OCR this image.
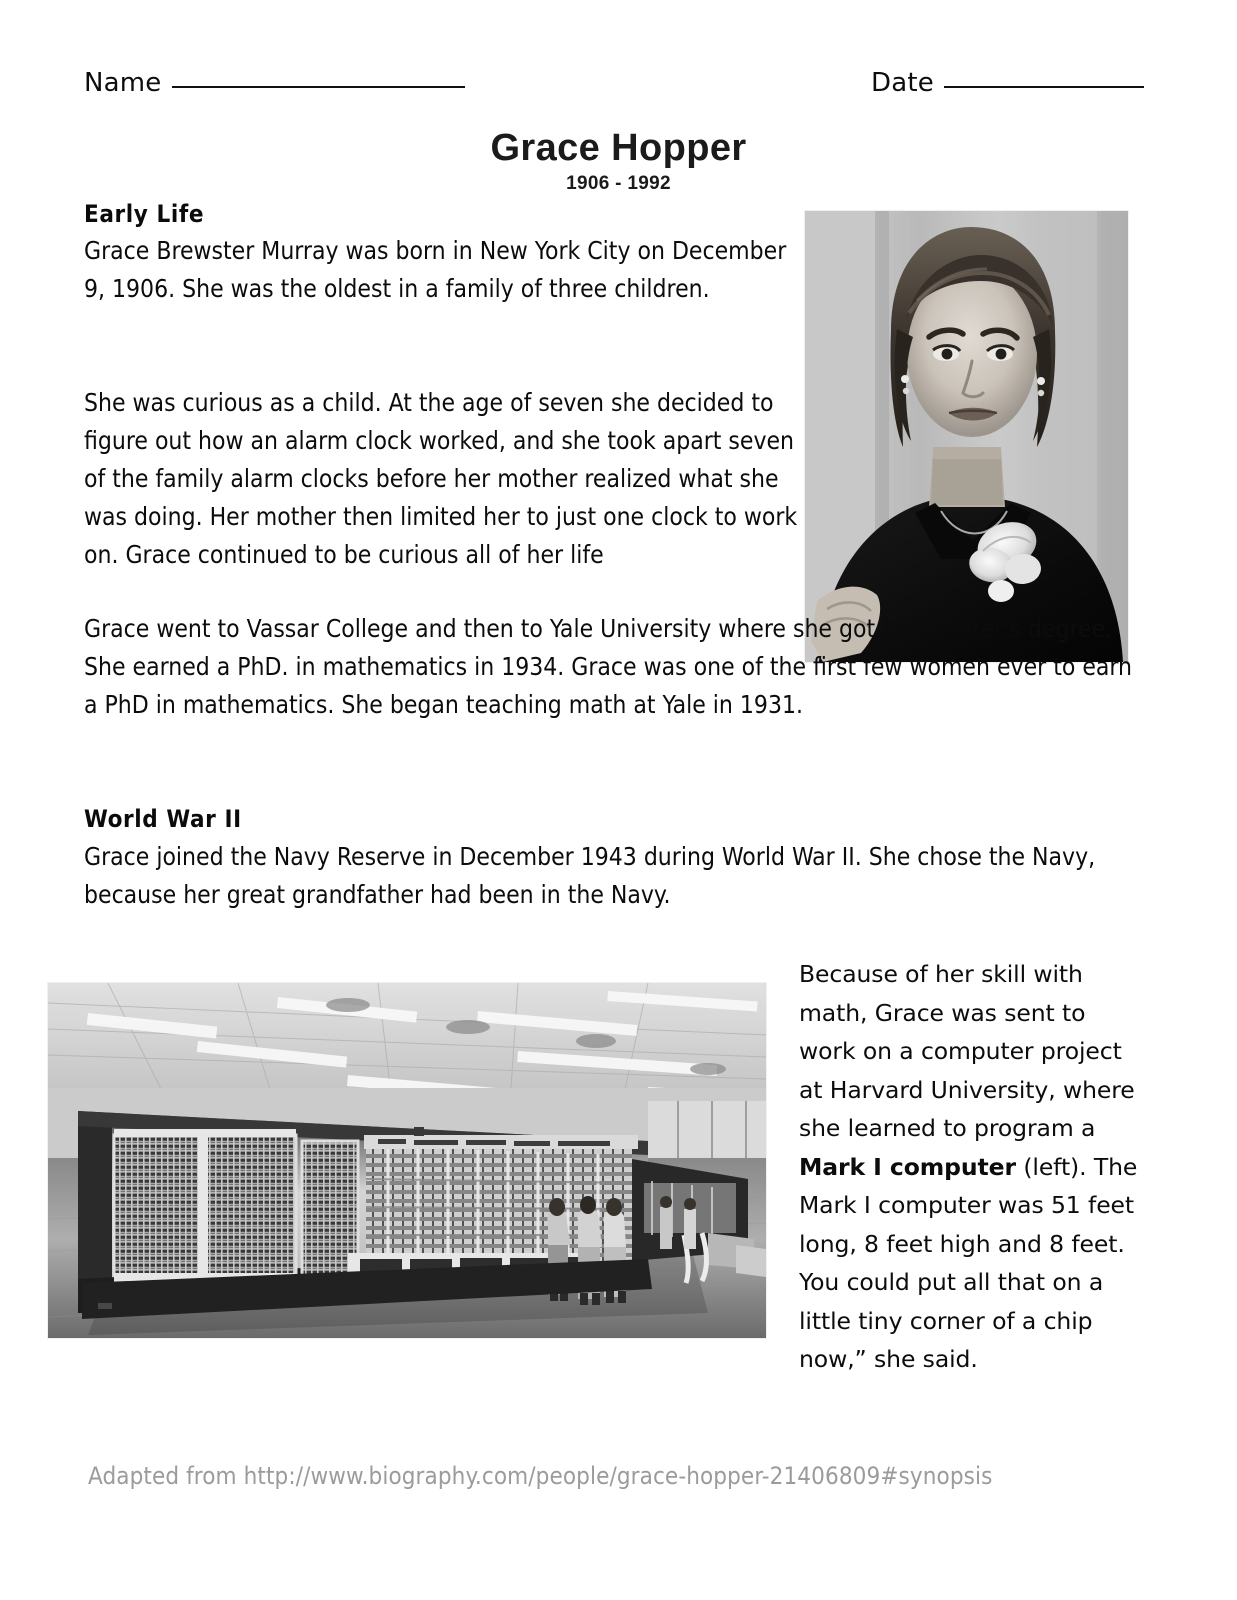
Name	Date
Grace Hopper
1906 - 1992
Early Life
Grace Brewster Murray was born in New York City on December 9, 1906. She was the oldest in a family of three children.
She was curious as a child. At the age of seven she decided to figure out how an alarm clock worked, and she took apart seven of the family alarm clocks before her mother realized what she was doing. Her mother then limited her to just one clock to work on. Grace continued to be curious all of her life
Grace went to Vassar College and then to Yale University where she got her master's degree. She earned a PhD. in mathematics in 1934. Grace was one of the first few women ever to earn a PhD in mathematics. She began teaching math at Yale in 1931.
World War II
Grace joined the Navy Reserve in December 1943 during World War II. She chose the Navy, because her great grandfather had been in the Navy.
Because of her skill with math, Grace was sent to work on a computer project at Harvard University, where she learned to program a Mark I computer (left). The Mark I computer was 51 feet long, 8 feet high and 8 feet. You could put all that on a little tiny corner of a chip now,” she said.
Adapted from http://www.biography.com/people/grace-hopper-21406809#synopsis
